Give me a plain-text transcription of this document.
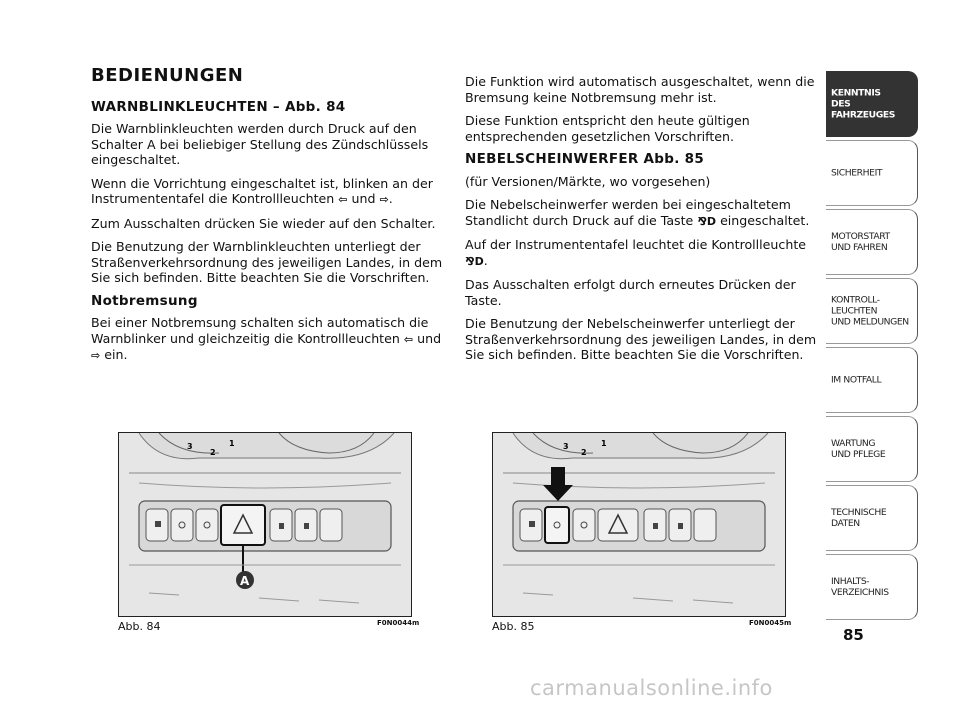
BEDIENUNGEN
WARNBLINKLEUCHTEN – Abb. 84

Die Warnblinkleuchten werden durch Druck auf den Schalter A bei beliebiger Stellung des Zündschlüssels eingeschaltet.

Wenn die Vorrichtung eingeschaltet ist, blinken an der Instrumententafel die Kontrollleuchten ⇦ und ⇨.

Zum Ausschalten drücken Sie wieder auf den Schalter.

Die Benutzung der Warnblinkleuchten unterliegt der Straßenverkehrsordnung des jeweiligen Landes, in dem Sie sich befinden. Bitte beachten Sie die Vorschriften.

Notbremsung

Bei einer Notbremsung schalten sich automatisch die Warnblinker und gleichzeitig die Kontrollleuchten ⇦ und ⇨ ein.

Die Funktion wird automatisch ausgeschaltet, wenn die Bremsung keine Notbremsung mehr ist.

Diese Funktion entspricht den heute gültigen entsprechenden gesetzlichen Vorschriften.

NEBELSCHEINWERFER Abb. 85

(für Versionen/Märkte, wo vorgesehen)

Die Nebelscheinwerfer werden bei eingeschaltetem Standlicht durch Druck auf die Taste ⅋D eingeschaltet.

Auf der Instrumententafel leuchtet die Kontrollleuchte ⅋D.

Das Ausschalten erfolgt durch erneutes Drücken der Taste.

Die Benutzung der Nebelscheinwerfer unterliegt der Straßenverkehrsordnung des jeweiligen Landes, in dem Sie sich befinden. Bitte beachten Sie die Vorschriften.

KENNTNIS
DES FAHRZEUGES
SICHERHEIT
MOTORSTART
UND FAHREN
KONTROLL-
LEUCHTEN
UND MELDUNGEN
IM NOTFALL
WARTUNG
UND PFLEGE
TECHNISCHE
DATEN
INHALTS-
VERZEICHNIS
85
3
2
1
A
Abb. 84	F0N0044m
3
2
1
Abb. 85	F0N0045m
carmanualsonline.info
